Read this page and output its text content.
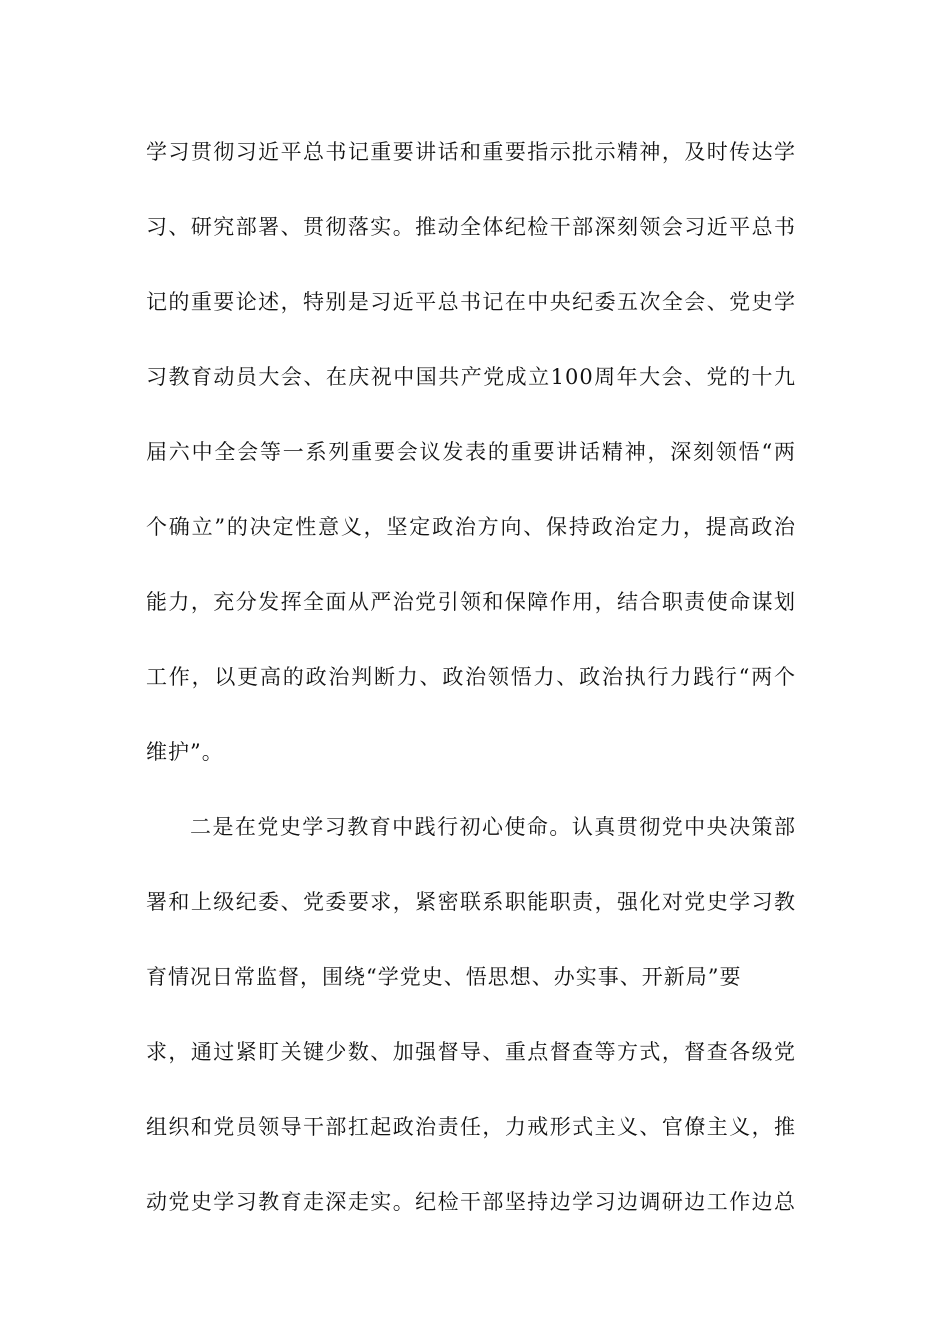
学习贯彻习近平总书记重要讲话和重要指示批示精神，及时传达学
习、研究部署、贯彻落实。推动全体纪检干部深刻领会习近平总书
记的重要论述，特别是习近平总书记在中央纪委五次全会、党史学
习教育动员大会、在庆祝中国共产党成立100周年大会、党的十九
届六中全会等一系列重要会议发表的重要讲话精神，深刻领悟“两
个确立”的决定性意义，坚定政治方向、保持政治定力，提高政治
能力，充分发挥全面从严治党引领和保障作用，结合职责使命谋划
工作，以更高的政治判断力、政治领悟力、政治执行力践行“两个
维护”。
二是在党史学习教育中践行初心使命。认真贯彻党中央决策部
署和上级纪委、党委要求，紧密联系职能职责，强化对党史学习教
育情况日常监督，围绕“学党史、悟思想、办实事、开新局”要
求，通过紧盯关键少数、加强督导、重点督查等方式，督查各级党
组织和党员领导干部扛起政治责任，力戒形式主义、官僚主义，推
动党史学习教育走深走实。纪检干部坚持边学习边调研边工作边总
